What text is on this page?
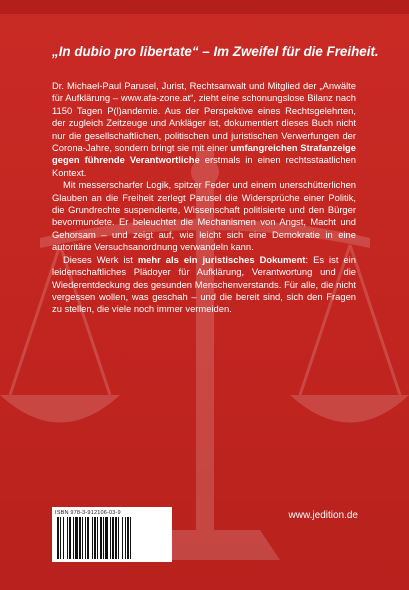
„In dubio pro libertate“ – Im Zweifel für die Freiheit.

Dr. Michael-Paul Parusel, Jurist, Rechtsanwalt und Mitglied der „Anwälte für Aufklärung – www.afa-zone.at“, zieht eine schonungslose Bilanz nach 1150 Tagen P(l)andemie. Aus der Perspektive eines Rechtsgelehrten, der zugleich Zeitzeuge und Ankläger ist, dokumentiert dieses Buch nicht nur die gesellschaftlichen, politischen und juristischen Verwerfungen der Corona-Jahre, sondern bringt sie mit einer umfangreichen Strafanzeige gegen führende Verantwortliche erstmals in einen rechtsstaatlichen Kontext.

Mit messerscharfer Logik, spitzer Feder und einem unerschütterlichen Glauben an die Freiheit zerlegt Parusel die Widersprüche einer Politik, die Grundrechte suspendierte, Wissenschaft politisierte und den Bürger bevormundete. Er beleuchtet die Mechanismen von Angst, Macht und Gehorsam – und zeigt auf, wie leicht sich eine Demokratie in eine autoritäre Versuchsanordnung verwandeln kann.

Dieses Werk ist mehr als ein juristisches Dokument: Es ist ein leidenschaftliches Plädoyer für Aufklärung, Verantwortung und die Wiederentdeckung des gesunden Menschenverstands. Für alle, die nicht vergessen wollen, was geschah – und die bereit sind, sich den Fragen zu stellen, die viele noch immer vermeiden.

ISBN 978-3-912106-03-9	www.jedition.de
